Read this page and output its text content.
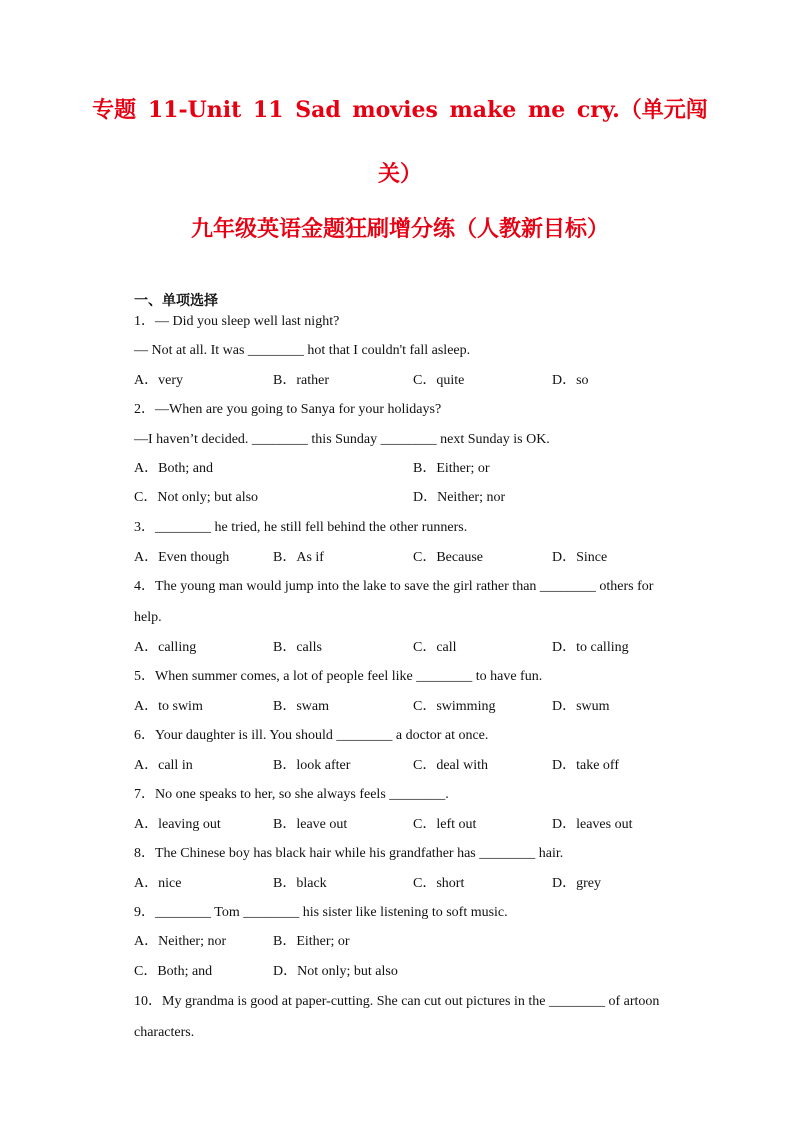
专题 11-Unit 11 Sad movies make me cry.（单元闯
关）
九年级英语金题狂刷增分练（人教新目标）
一、单项选择
1．— Did you sleep well last night?
— Not at all. It was ________ hot that I couldn't fall asleep.
A．very	B．rather	C．quite	D．so
2．—When are you going to Sanya for your holidays?
—I haven’t decided. ________ this Sunday ________ next Sunday is OK.
A．Both; and	B．Either; or
C．Not only; but also	D．Neither; nor
3．________ he tried, he still fell behind the other runners.
A．Even though	B．As if	C．Because	D．Since
4．The young man would jump into the lake to save the girl rather than ________ others for
help.
A．calling	B．calls	C．call	D．to calling
5．When summer comes, a lot of people feel like ________ to have fun.
A．to swim	B．swam	C．swimming	D．swum
6．Your daughter is ill. You should ________ a doctor at once.
A．call in	B．look after	C．deal with	D．take off
7．No one speaks to her, so she always feels ________.
A．leaving out	B．leave out	C．left out	D．leaves out
8．The Chinese boy has black hair while his grandfather has ________ hair.
A．nice	B．black	C．short	D．grey
9．________ Tom ________ his sister like listening to soft music.
A．Neither; nor	B．Either; or
C．Both; and	D．Not only; but also
10．My grandma is good at paper-cutting. She can cut out pictures in the ________ of artoon
characters.
